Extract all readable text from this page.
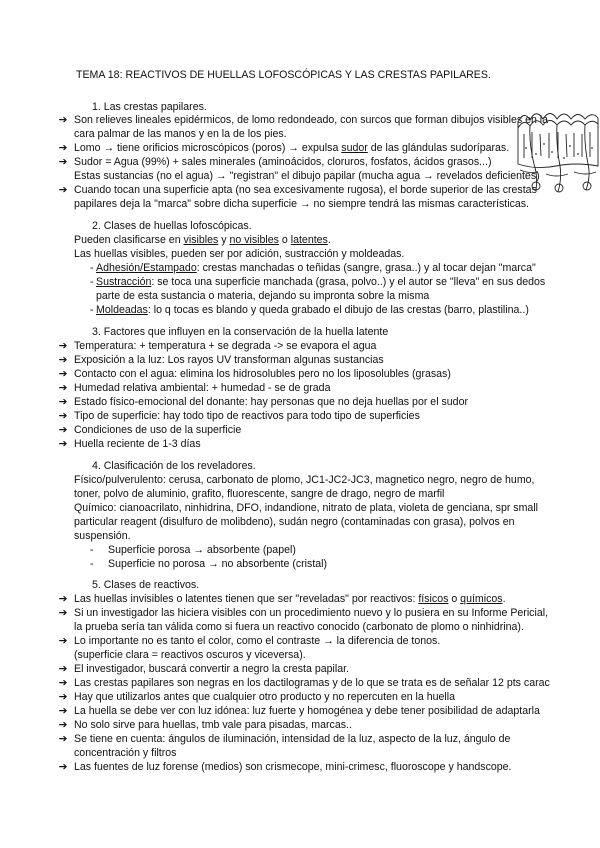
TEMA 18: REACTIVOS DE HUELLAS LOFOSCÓPICAS Y LAS CRESTAS PAPILARES.
1. Las crestas papilares.
➔ Son relieves lineales epidérmicos, de lomo redondeado, con surcos que forman dibujos visibles en la
cara palmar de las manos y en la de los pies.
➔ Lomo → tiene orificios microscópicos (poros) → expulsa sudor de las glándulas sudoríparas.
➔ Sudor = Agua (99%) + sales minerales (aminoácidos, cloruros, fosfatos, ácidos grasos...)
Estas sustancias (no el agua) → "registran" el dibujo papilar (mucha agua → revelados deficientes)
➔ Cuando tocan una superficie apta (no sea excesivamente rugosa), el borde superior de las crestas
papilares deja la "marca" sobre dicha superficie → no siempre tendrá las mismas características.
2. Clases de huellas lofoscópicas.
Pueden clasificarse en visibles y no visibles o latentes.
Las huellas visibles, pueden ser por adición, sustracción y moldeadas.
- Adhesión/Estampado: crestas manchadas o teñidas (sangre, grasa..) y al tocar dejan "marca"
- Sustracción: se toca una superficie manchada (grasa, polvo..) y el autor se "lleva" en sus dedos
parte de esta sustancia o materia, dejando su impronta sobre la misma
- Moldeadas: lo q tocas es blando y queda grabado el dibujo de las crestas (barro, plastilina..)
3. Factores que influyen en la conservación de la huella latente
➔ Temperatura: + temperatura + se degrada -> se evapora el agua
➔ Exposición a la luz: Los rayos UV transforman algunas sustancias
➔ Contacto con el agua: elimina los hidrosolubles pero no los liposolubles (grasas)
➔ Humedad relativa ambiental: + humedad - se de grada
➔ Estado físico-emocional del donante: hay personas que no deja huellas por el sudor
➔ Tipo de superficie: hay todo tipo de reactivos para todo tipo de superficies
➔ Condiciones de uso de la superficie
➔ Huella reciente de 1-3 días
4. Clasificación de los reveladores.
Físico/pulverulento: cerusa, carbonato de plomo, JC1-JC2-JC3, magnetico negro, negro de humo,
toner, polvo de aluminio, grafito, fluorescente, sangre de drago, negro de marfil
Químico: cianoacrilato, ninhidrina, DFO, indandione, nitrato de plata, violeta de genciana, spr small
particular reagent (disulfuro de molibdeno), sudán negro (contaminadas con grasa), polvos en
suspensión.
-	Superficie porosa → absorbente (papel)
-	Superficie no porosa → no absorbente (cristal)
5. Clases de reactivos.
➔ Las huellas invisibles o latentes tienen que ser "reveladas" por reactivos: físicos o químicos.
➔ Si un investigador las hiciera visibles con un procedimiento nuevo y lo pusiera en su Informe Pericial,
la prueba sería tan válida como si fuera un reactivo conocido (carbonato de plomo o ninhidrina).
➔ Lo importante no es tanto el color, como el contraste → la diferencia de tonos.
(superficie clara = reactivos oscuros y viceversa).
➔ El investigador, buscará convertir a negro la cresta papilar.
➔ Las crestas papilares son negras en los dactilogramas y de lo que se trata es de señalar 12 pts carac
➔ Hay que utilizarlos antes que cualquier otro producto y no repercuten en la huella
➔ La huella se debe ver con luz idónea: luz fuerte y homogénea y debe tener posibilidad de adaptarla
➔ No solo sirve para huellas, tmb vale para pisadas, marcas..
➔ Se tiene en cuenta: ángulos de iluminación, intensidad de la luz, aspecto de la luz, ángulo de
concentración y filtros
➔ Las fuentes de luz forense (medios) son crismecope, mini-crimesc, fluoroscope y handscope.
